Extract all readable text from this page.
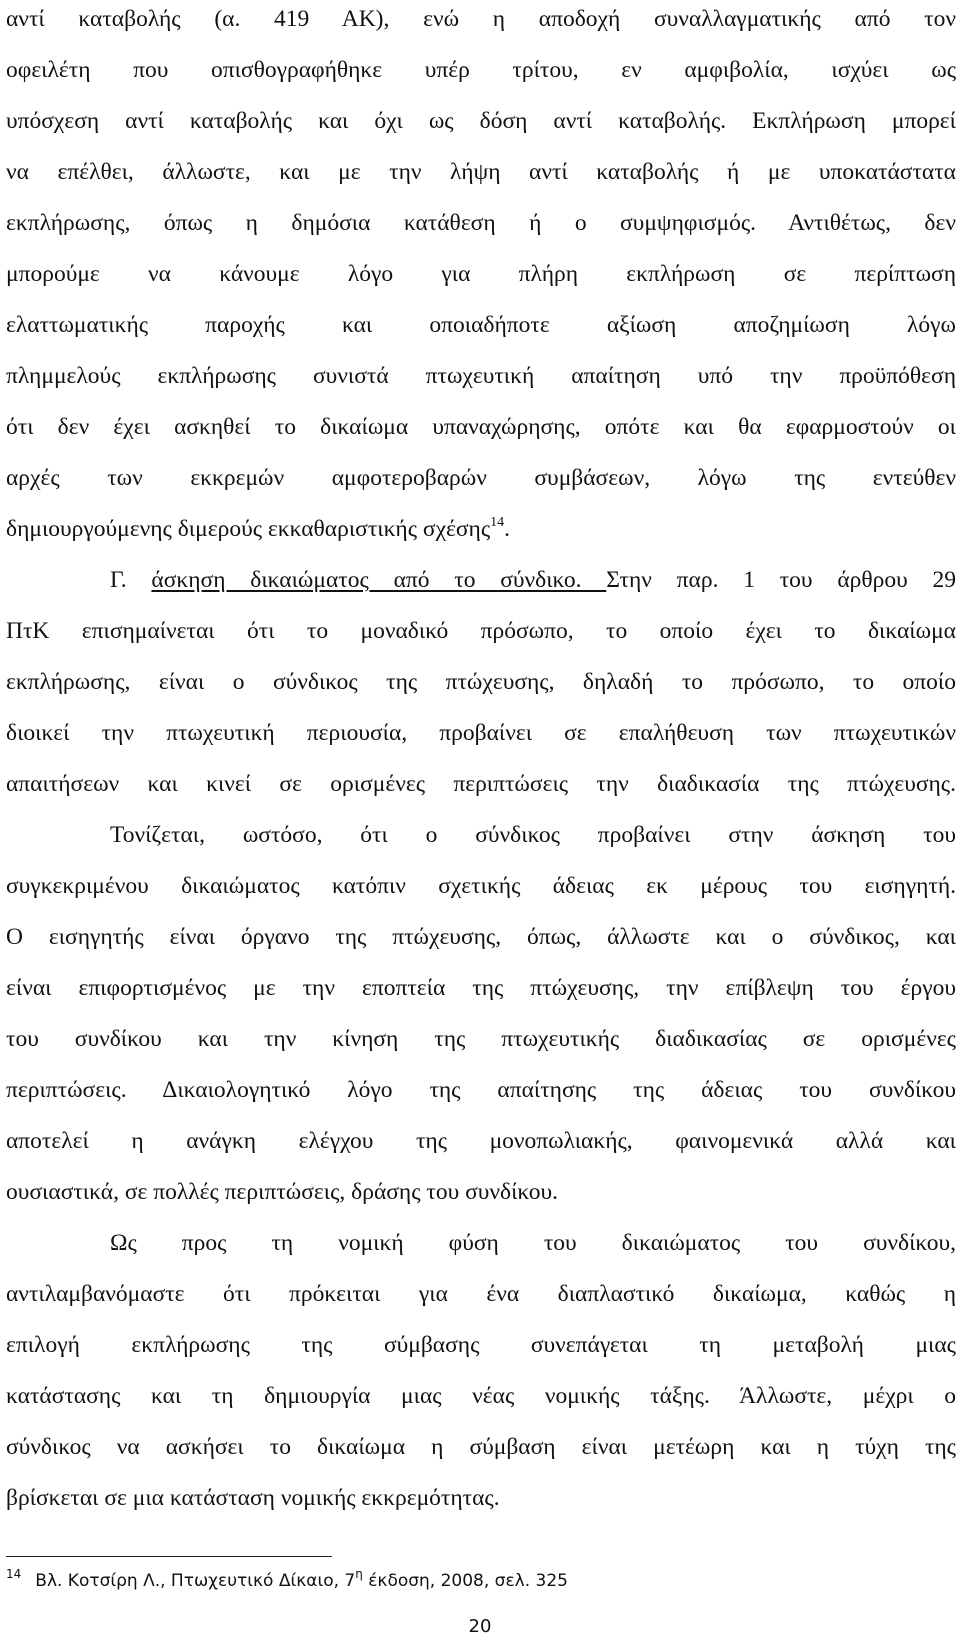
αντί καταβολής (α. 419 ΑΚ), ενώ η αποδοχή συναλλαγματικής από τον
οφειλέτη που οπισθογραφήθηκε υπέρ τρίτου, εν αμφιβολία, ισχύει ως
υπόσχεση αντί καταβολής και όχι ως δόση αντί καταβολής. Εκπλήρωση μπορεί
να επέλθει, άλλωστε, και με την λήψη αντί καταβολής ή με υποκατάστατα
εκπλήρωσης, όπως η δημόσια κατάθεση ή ο συμψηφισμός. Αντιθέτως, δεν
μπορούμε να κάνουμε λόγο για πλήρη εκπλήρωση σε περίπτωση
ελαττωματικής παροχής και οποιαδήποτε αξίωση αποζημίωση λόγω
πλημμελούς εκπλήρωσης συνιστά πτωχευτική απαίτηση υπό την προϋπόθεση
ότι δεν έχει ασκηθεί το δικαίωμα υπαναχώρησης, οπότε και θα εφαρμοστούν οι
αρχές των εκκρεμών αμφοτεροβαρών συμβάσεων, λόγω της εντεύθεν
δημιουργούμενης διμερούς εκκαθαριστικής σχέσης$^{14}$.
Γ. άσκηση δικαιώματος από το σύνδικο. Στην παρ. 1 του άρθρου 29
ΠτΚ επισημαίνεται ότι το μοναδικό πρόσωπο, το οποίο έχει το δικαίωμα
εκπλήρωσης, είναι ο σύνδικος της πτώχευσης, δηλαδή το πρόσωπο, το οποίο
διοικεί την πτωχευτική περιουσία, προβαίνει σε επαλήθευση των πτωχευτικών
απαιτήσεων και κινεί σε ορισμένες περιπτώσεις την διαδικασία της πτώχευσης.
Τονίζεται, ωστόσο, ότι ο σύνδικος προβαίνει στην άσκηση του
συγκεκριμένου δικαιώματος κατόπιν σχετικής άδειας εκ μέρους του εισηγητή.
Ο εισηγητής είναι όργανο της πτώχευσης, όπως, άλλωστε και ο σύνδικος, και
είναι επιφορτισμένος με την εποπτεία της πτώχευσης, την επίβλεψη του έργου
του συνδίκου και την κίνηση της πτωχευτικής διαδικασίας σε ορισμένες
περιπτώσεις. Δικαιολογητικό λόγο της απαίτησης της άδειας του συνδίκου
αποτελεί η ανάγκη ελέγχου της μονοπωλιακής, φαινομενικά αλλά και
ουσιαστικά, σε πολλές περιπτώσεις, δράσης του συνδίκου.
Ως προς τη νομική φύση του δικαιώματος του συνδίκου,
αντιλαμβανόμαστε ότι πρόκειται για ένα διαπλαστικό δικαίωμα, καθώς η
επιλογή εκπλήρωσης της σύμβασης συνεπάγεται τη μεταβολή μιας
κατάστασης και τη δημιουργία μιας νέας νομικής τάξης. Άλλωστε, μέχρι ο
σύνδικος να ασκήσει το δικαίωμα η σύμβαση είναι μετέωρη και η τύχη της
βρίσκεται σε μια κατάσταση νομικής εκκρεμότητας.
$^{14}$ Βλ. Κοτσίρη Λ., Πτωχευτικό Δίκαιο, 7$^\eta$ έκδοση, 2008, σελ. 325
20
